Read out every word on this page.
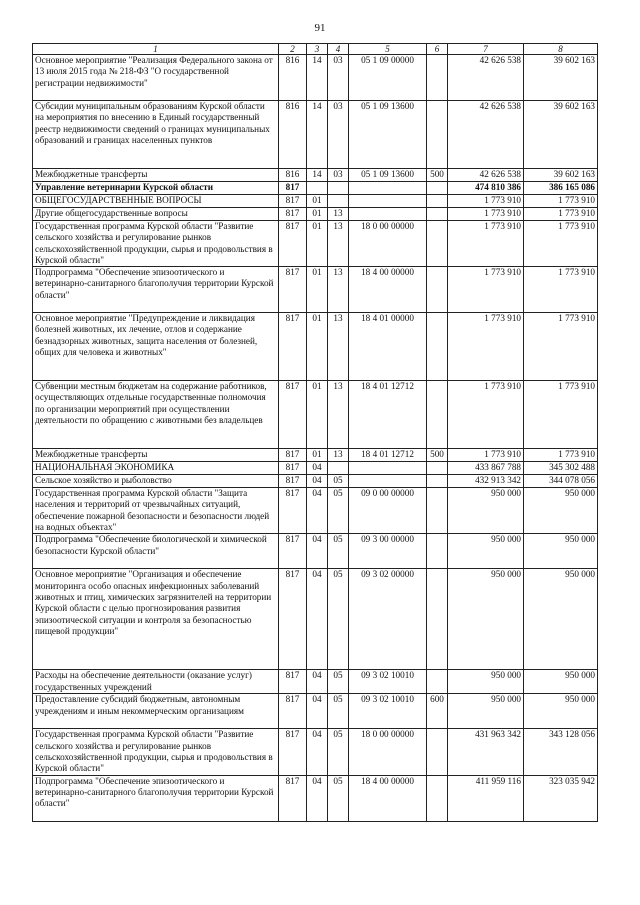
91
1	2	3	4	5	6	7	8
Основное мероприятие "Реализация Федерального закона от 13 июля 2015 года № 218-ФЗ "О государственной регистрации недвижимости"	816	14	03	05 1 09 00000		42 626 538	39 602 163
Субсидии муниципальным образованиям Курской области на мероприятия по внесению в Единый государственный реестр недвижимости сведений о границах муниципальных образований и границах населенных пунктов	816	14	03	05 1 09 13600		42 626 538	39 602 163
Межбюджетные трансферты	816	14	03	05 1 09 13600	500	42 626 538	39 602 163
Управление ветеринарии Курской области	817					474 810 386	386 165 086
ОБЩЕГОСУДАРСТВЕННЫЕ ВОПРОСЫ	817	01				1 773 910	1 773 910
Другие общегосударственные вопросы	817	01	13			1 773 910	1 773 910
Государственная программа Курской области "Развитие сельского хозяйства и регулирование рынков сельскохозяйственной продукции, сырья и продовольствия в Курской области"	817	01	13	18 0 00 00000		1 773 910	1 773 910
Подпрограмма "Обеспечение эпизоотического и ветеринарно-санитарного благополучия территории Курской области"	817	01	13	18 4 00 00000		1 773 910	1 773 910
Основное мероприятие "Предупреждение и ликвидация болезней животных, их лечение, отлов и содержание безнадзорных животных, защита населения от болезней, общих для человека и животных"	817	01	13	18 4 01 00000		1 773 910	1 773 910
Субвенции местным бюджетам на содержание работников, осуществляющих отдельные государственные полномочия по организации мероприятий при осуществлении деятельности по обращению с животными без владельцев	817	01	13	18 4 01 12712		1 773 910	1 773 910
Межбюджетные трансферты	817	01	13	18 4 01 12712	500	1 773 910	1 773 910
НАЦИОНАЛЬНАЯ ЭКОНОМИКА	817	04				433 867 788	345 302 488
Сельское хозяйство и рыболовство	817	04	05			432 913 342	344 078 056
Государственная программа Курской области "Защита населения и территорий от чрезвычайных ситуаций, обеспечение пожарной безопасности и безопасности людей на водных объектах"	817	04	05	09 0 00 00000		950 000	950 000
Подпрограмма "Обеспечение биологической и химической безопасности Курской области"	817	04	05	09 3 00 00000		950 000	950 000
Основное мероприятие "Организация и обеспечение мониторинга особо опасных инфекционных заболеваний животных и птиц, химических загрязнителей на территории Курской области с целью прогнозирования развития эпизоотической ситуации и контроля за безопасностью пищевой продукции"	817	04	05	09 3 02 00000		950 000	950 000
Расходы на обеспечение деятельности (оказание услуг) государственных учреждений	817	04	05	09 3 02 10010		950 000	950 000
Предоставление субсидий бюджетным, автономным учреждениям и иным некоммерческим организациям	817	04	05	09 3 02 10010	600	950 000	950 000
Государственная программа Курской области "Развитие сельского хозяйства и регулирование рынков сельскохозяйственной продукции, сырья и продовольствия в Курской области"	817	04	05	18 0 00 00000		431 963 342	343 128 056
Подпрограмма "Обеспечение эпизоотического и ветеринарно-санитарного благополучия территории Курской области"	817	04	05	18 4 00 00000		411 959 116	323 035 942
